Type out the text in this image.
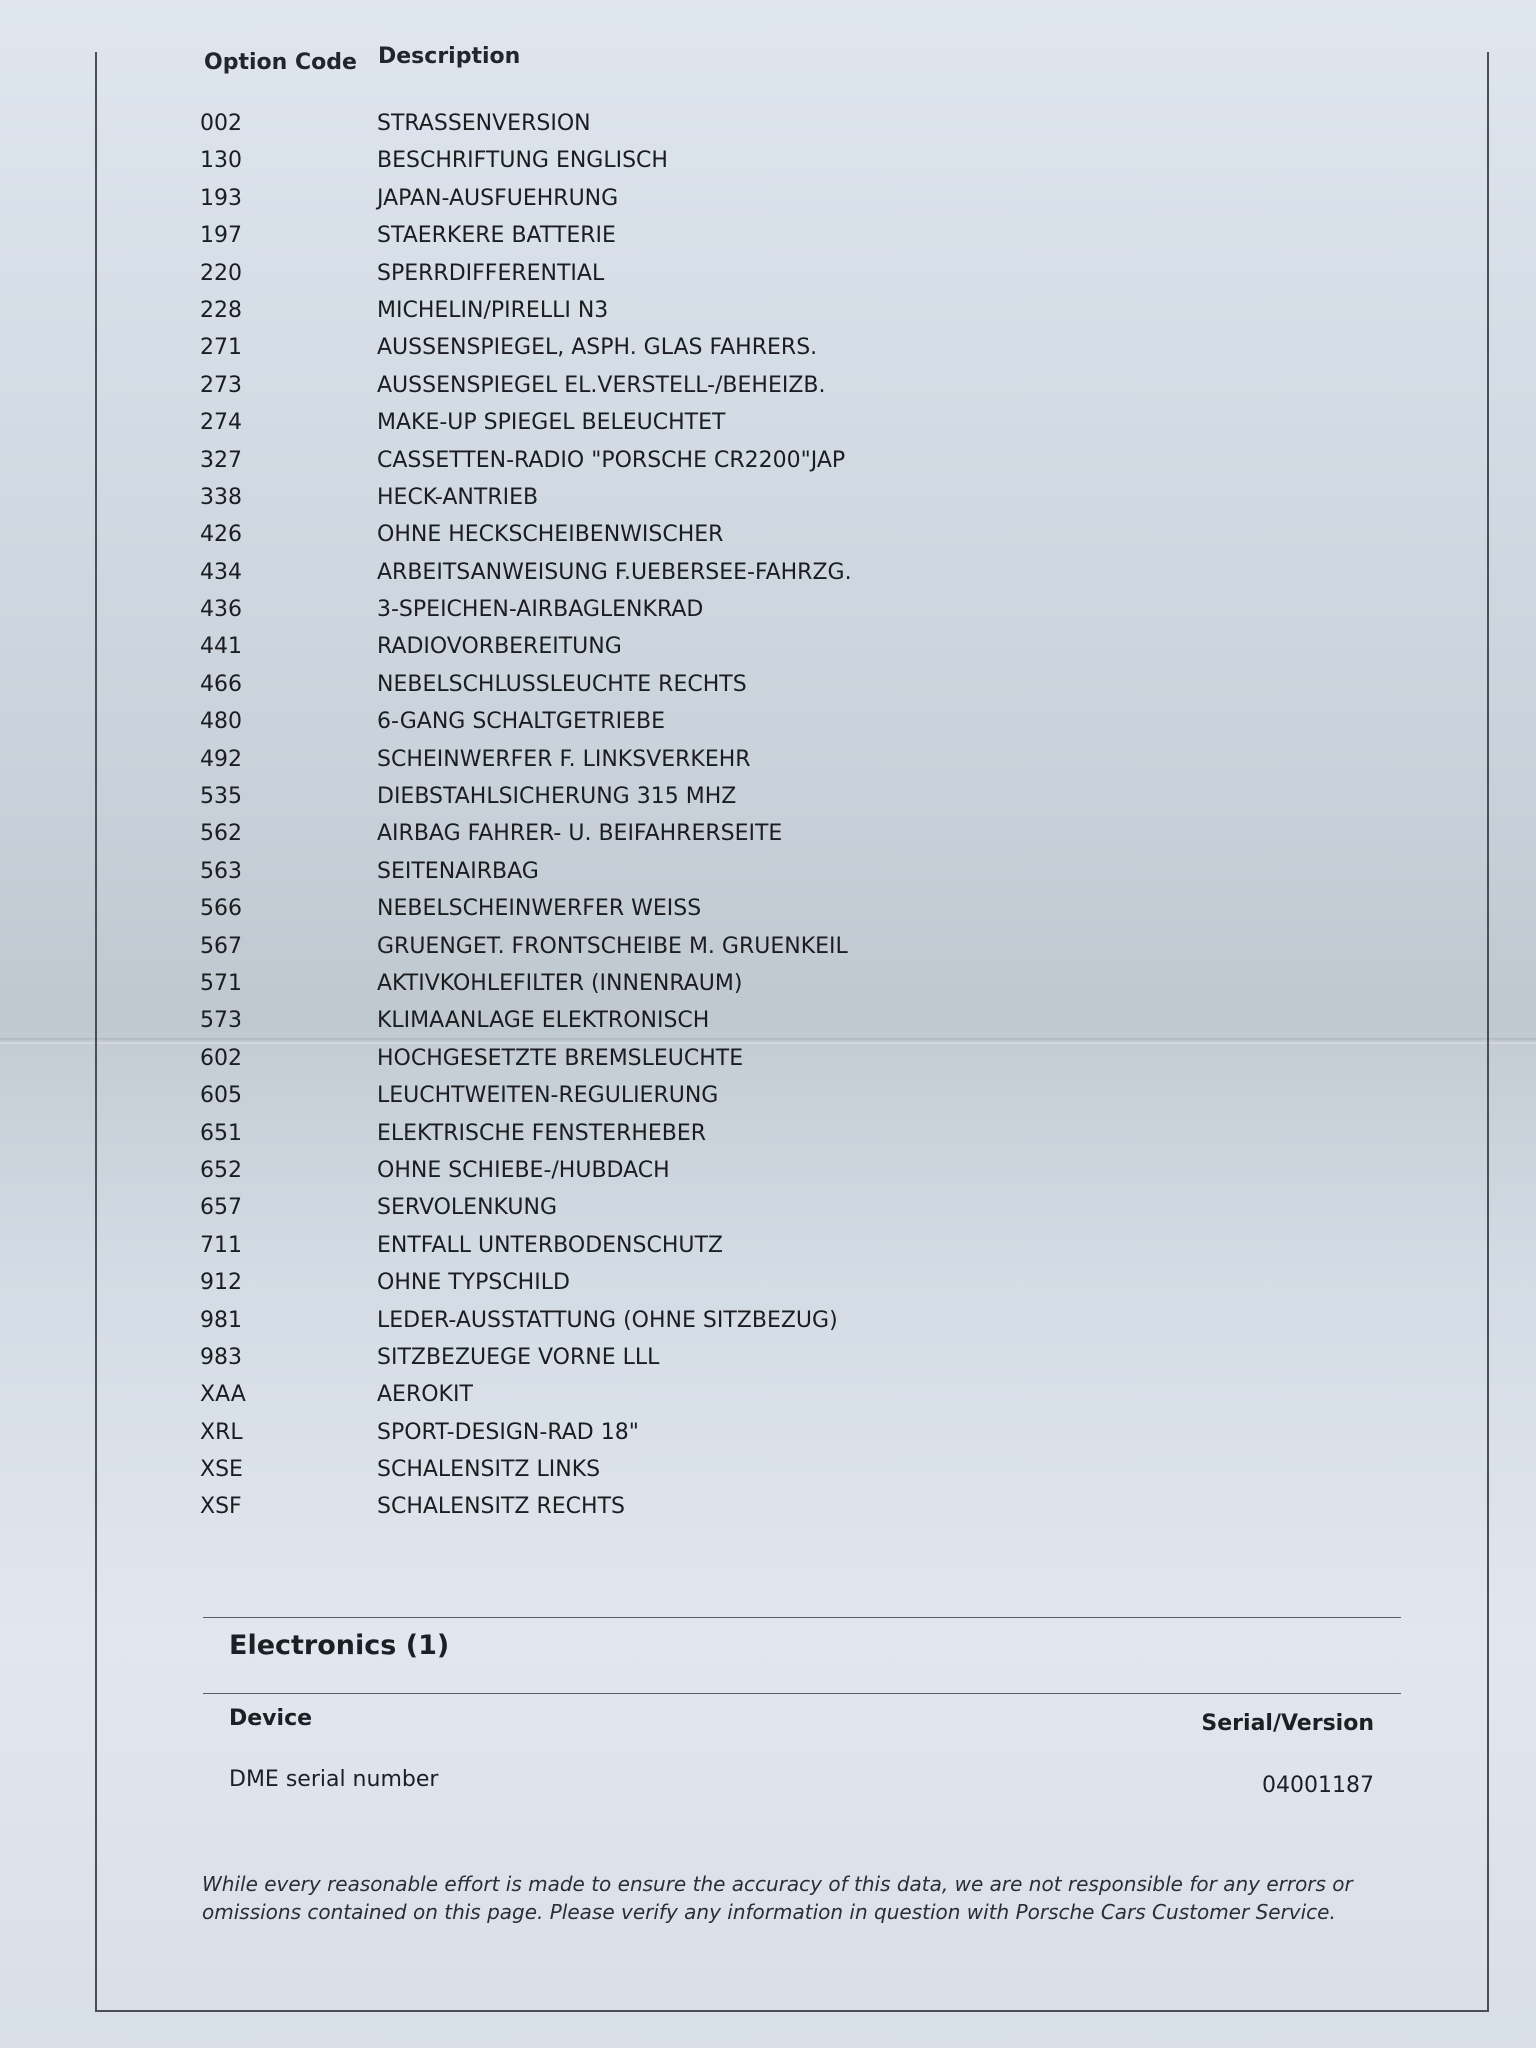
Option Code Description
002	STRASSENVERSION
130	BESCHRIFTUNG ENGLISCH
193	JAPAN-AUSFUEHRUNG
197	STAERKERE BATTERIE
220	SPERRDIFFERENTIAL
228	MICHELIN/PIRELLI N3
271	AUSSENSPIEGEL, ASPH. GLAS FAHRERS.
273	AUSSENSPIEGEL EL.VERSTELL-/BEHEIZB.
274	MAKE-UP SPIEGEL BELEUCHTET
327	CASSETTEN-RADIO "PORSCHE CR2200"JAP
338	HECK-ANTRIEB
426	OHNE HECKSCHEIBENWISCHER
434	ARBEITSANWEISUNG F.UEBERSEE-FAHRZG.
436	3-SPEICHEN-AIRBAGLENKRAD
441	RADIOVORBEREITUNG
466	NEBELSCHLUSSLEUCHTE RECHTS
480	6-GANG SCHALTGETRIEBE
492	SCHEINWERFER F. LINKSVERKEHR
535	DIEBSTAHLSICHERUNG 315 MHZ
562	AIRBAG FAHRER- U. BEIFAHRERSEITE
563	SEITENAIRBAG
566	NEBELSCHEINWERFER WEISS
567	GRUENGET. FRONTSCHEIBE M. GRUENKEIL
571	AKTIVKOHLEFILTER (INNENRAUM)
573	KLIMAANLAGE ELEKTRONISCH
602	HOCHGESETZTE BREMSLEUCHTE
605	LEUCHTWEITEN-REGULIERUNG
651	ELEKTRISCHE FENSTERHEBER
652	OHNE SCHIEBE-/HUBDACH
657	SERVOLENKUNG
711	ENTFALL UNTERBODENSCHUTZ
912	OHNE TYPSCHILD
981	LEDER-AUSSTATTUNG (OHNE SITZBEZUG)
983	SITZBEZUEGE VORNE LLL
XAA	AEROKIT
XRL	SPORT-DESIGN-RAD 18"
XSE	SCHALENSITZ LINKS
XSF	SCHALENSITZ RECHTS
Electronics (1)
Device	Serial/Version
DME serial number	04001187
While every reasonable effort is made to ensure the accuracy of this data, we are not responsible for any errors or omissions contained on this page. Please verify any information in question with Porsche Cars Customer Service.
